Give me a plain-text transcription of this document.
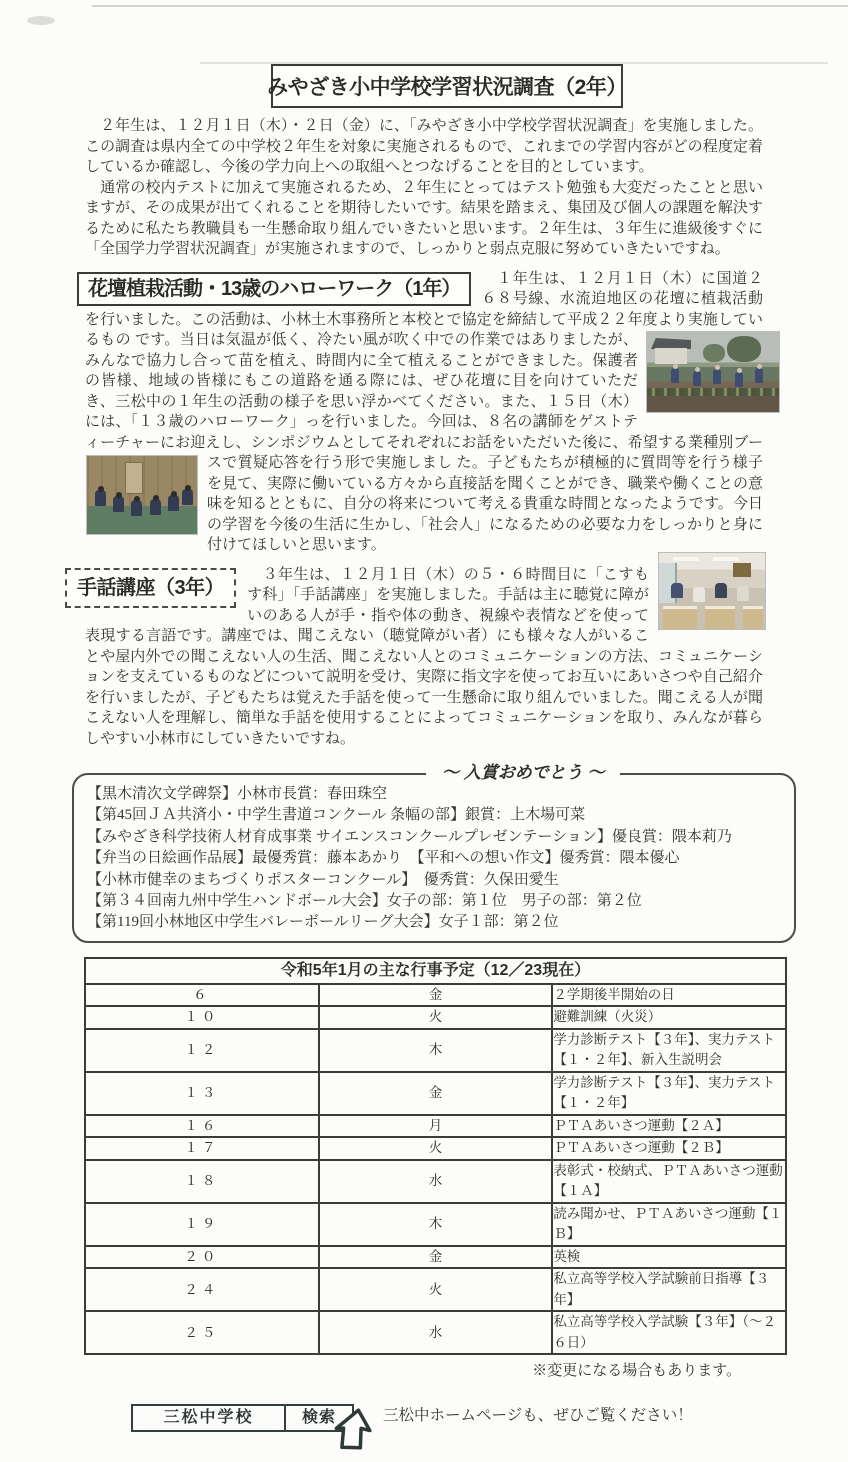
みやざき小中学校学習状況調査（2年）

　２年生は、１２月１日（木）・２日（金）に、「みやざき小中学校学習状況調査」を実施しました。この調査は県内全ての中学校２年生を対象に実施されるもので、これまでの学習内容がどの程度定着しているか確認し、今後の学力向上への取組へとつなげることを目的としています。

　通常の校内テストに加えて実施されるため、２年生にとってはテスト勉強も大変だったことと思いますが、その成果が出てくれることを期待したいです。結果を踏まえ、集団及び個人の課題を解決するために私たち教職員も一生懸命取り組んでいきたいと思います。２年生は、３年生に進級後すぐに「全国学力学習状況調査」が実施されますので、しっかりと弱点克服に努めていきたいですね。

花壇植栽活動・13歳のハローワーク（1年）	　１年生は、１２月１日（木）に国道２６８号線、水流迫地区の花壇に植栽活動を行いました。この活動は、小林土木事務所と本校とで協定を締結して平成２２年度より実施しているもの です。当日は気温が低く、冷たい風が吹く中での作業ではありましたが、みんなで協力し合って苗を植え、時間内に全て植えることができました。保護者の皆様、地域の皆様にもこの道路を通る際には、ぜひ花壇に目を向けていただき、三松中の１年生の活動の様子を思い浮かべてください。また、１５日（木）には、「１３歳のハローワーク」っを行いました。今回は、８名の講師をゲストティーチャーにお迎えし、シンポジウムとしてそれぞれにお話をいただいた後に、希望する業種別ブースで質疑応答を行う形で実施しまし た。子どもたちが積極的に質問等を行う様子を見て、実際に働いている方々から直接話を聞くことができ、職業や働くことの意味を知るとともに、自分の将来について考える貴重な時間となったようです。今日の学習を今後の生活に生かし、「社会人」になるための必要な力をしっかりと身に付けてほしいと思います。
手話講座（3年）
　３年生は、１２月１日（木）の５・６時間目に「こすもす科」「手話講座」を実施しました。手話は主に聴覚に障がいのある人が手・指や体の動き、視線や表情などを使って表現する言語です。講座では、聞こえない（聴覚障がい者）にも様々な人がいることや屋内外での聞こえない人の生活、聞こえない人とのコミュニケーションの方法、コミュニケーションを支えているものなどについて説明を受け、実際に指文字を使ってお互いにあいさつや自己紹介を行いましたが、子どもたちは覚えた手話を使って一生懸命に取り組んでいました。聞こえる人が聞こえない人を理解し、簡単な手話を使用することによってコミュニケーションを取り、みんなが暮らしやすい小林市にしていきたいですね。
～ 入賞おめでとう ～
【黒木清次文学碑祭】小林市長賞：春田珠空
【第45回ＪＡ共済小・中学生書道コンクール 条幅の部】銀賞：上木場可菜
【みやざき科学技術人材育成事業 サイエンスコンクールプレゼンテーション】優良賞：隈本莉乃
【弁当の日絵画作品展】最優秀賞：藤本あかり　【平和への想い作文】優秀賞：隈本優心
【小林市健幸のまちづくりポスターコンクール】　優秀賞：久保田愛生
【第３４回南九州中学生ハンドボール大会】女子の部：第１位　男子の部：第２位
【第119回小林地区中学生バレーボールリーグ大会】女子１部：第２位
令和5年1月の主な行事予定（12／23現在）		
６	金	２学期後半開始の日
１０	火	避難訓練（火災）
１２	木	学力診断テスト【３年】、実力テスト【１・２年】、新入生説明会
１３	金	学力診断テスト【３年】、実力テスト【１・２年】
１６	月	ＰＴＡあいさつ運動【２Ａ】
１７	火	ＰＴＡあいさつ運動【２Ｂ】
１８	水	表彰式・校納式、ＰＴＡあいさつ運動【１Ａ】
１９	木	読み聞かせ、ＰＴＡあいさつ運動【１Ｂ】
２０	金	英検
２４	火	私立高等学校入学試験前日指導【３年】
２５	水	私立高等学校入学試験【３年】（～２６日）
※変更になる場合もあります。
三松中学校	検索	三松中ホームページも、ぜひご覧ください！
